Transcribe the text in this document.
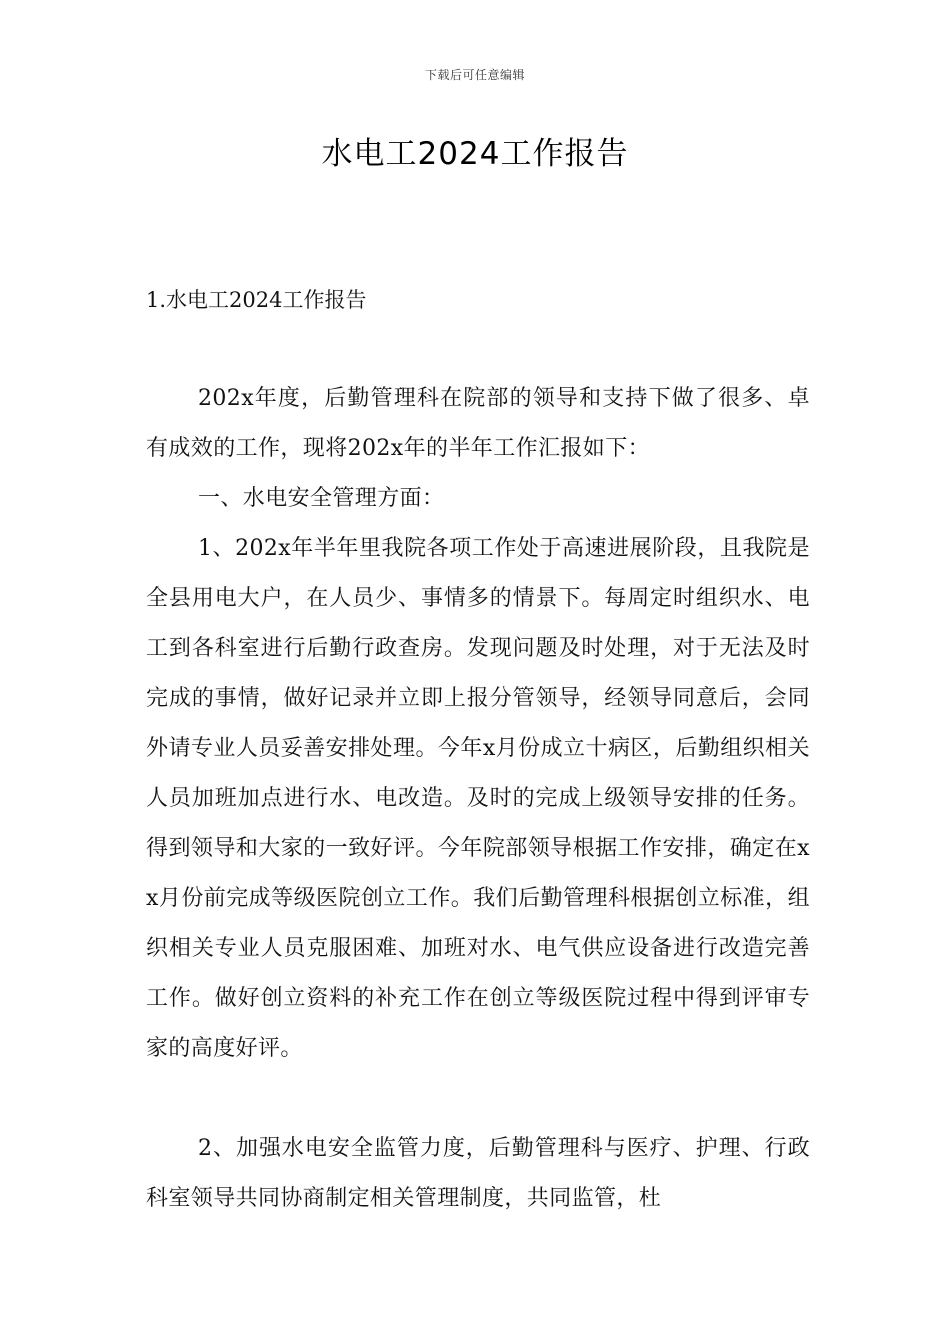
下载后可任意编辑
水电工2024工作报告
1.水电工2024工作报告

202x年度，后勤管理科在院部的领导和支持下做了很多、卓有成效的工作，现将202x年的半年工作汇报如下：

一、水电安全管理方面：

1、202x年半年里我院各项工作处于高速进展阶段，且我院是全县用电大户，在人员少、事情多的情景下。每周定时组织水、电工到各科室进行后勤行政查房。发现问题及时处理，对于无法及时完成的事情，做好记录并立即上报分管领导，经领导同意后，会同外请专业人员妥善安排处理。今年x月份成立十病区，后勤组织相关人员加班加点进行水、电改造。及时的完成上级领导安排的任务。得到领导和大家的一致好评。今年院部领导根据工作安排，确定在xx月份前完成等级医院创立工作。我们后勤管理科根据创立标准，组织相关专业人员克服困难、加班对水、电气供应设备进行改造完善工作。做好创立资料的补充工作在创立等级医院过程中得到评审专家的高度好评。

2、加强水电安全监管力度，后勤管理科与医疗、护理、行政科室领导共同协商制定相关管理制度，共同监管，杜
